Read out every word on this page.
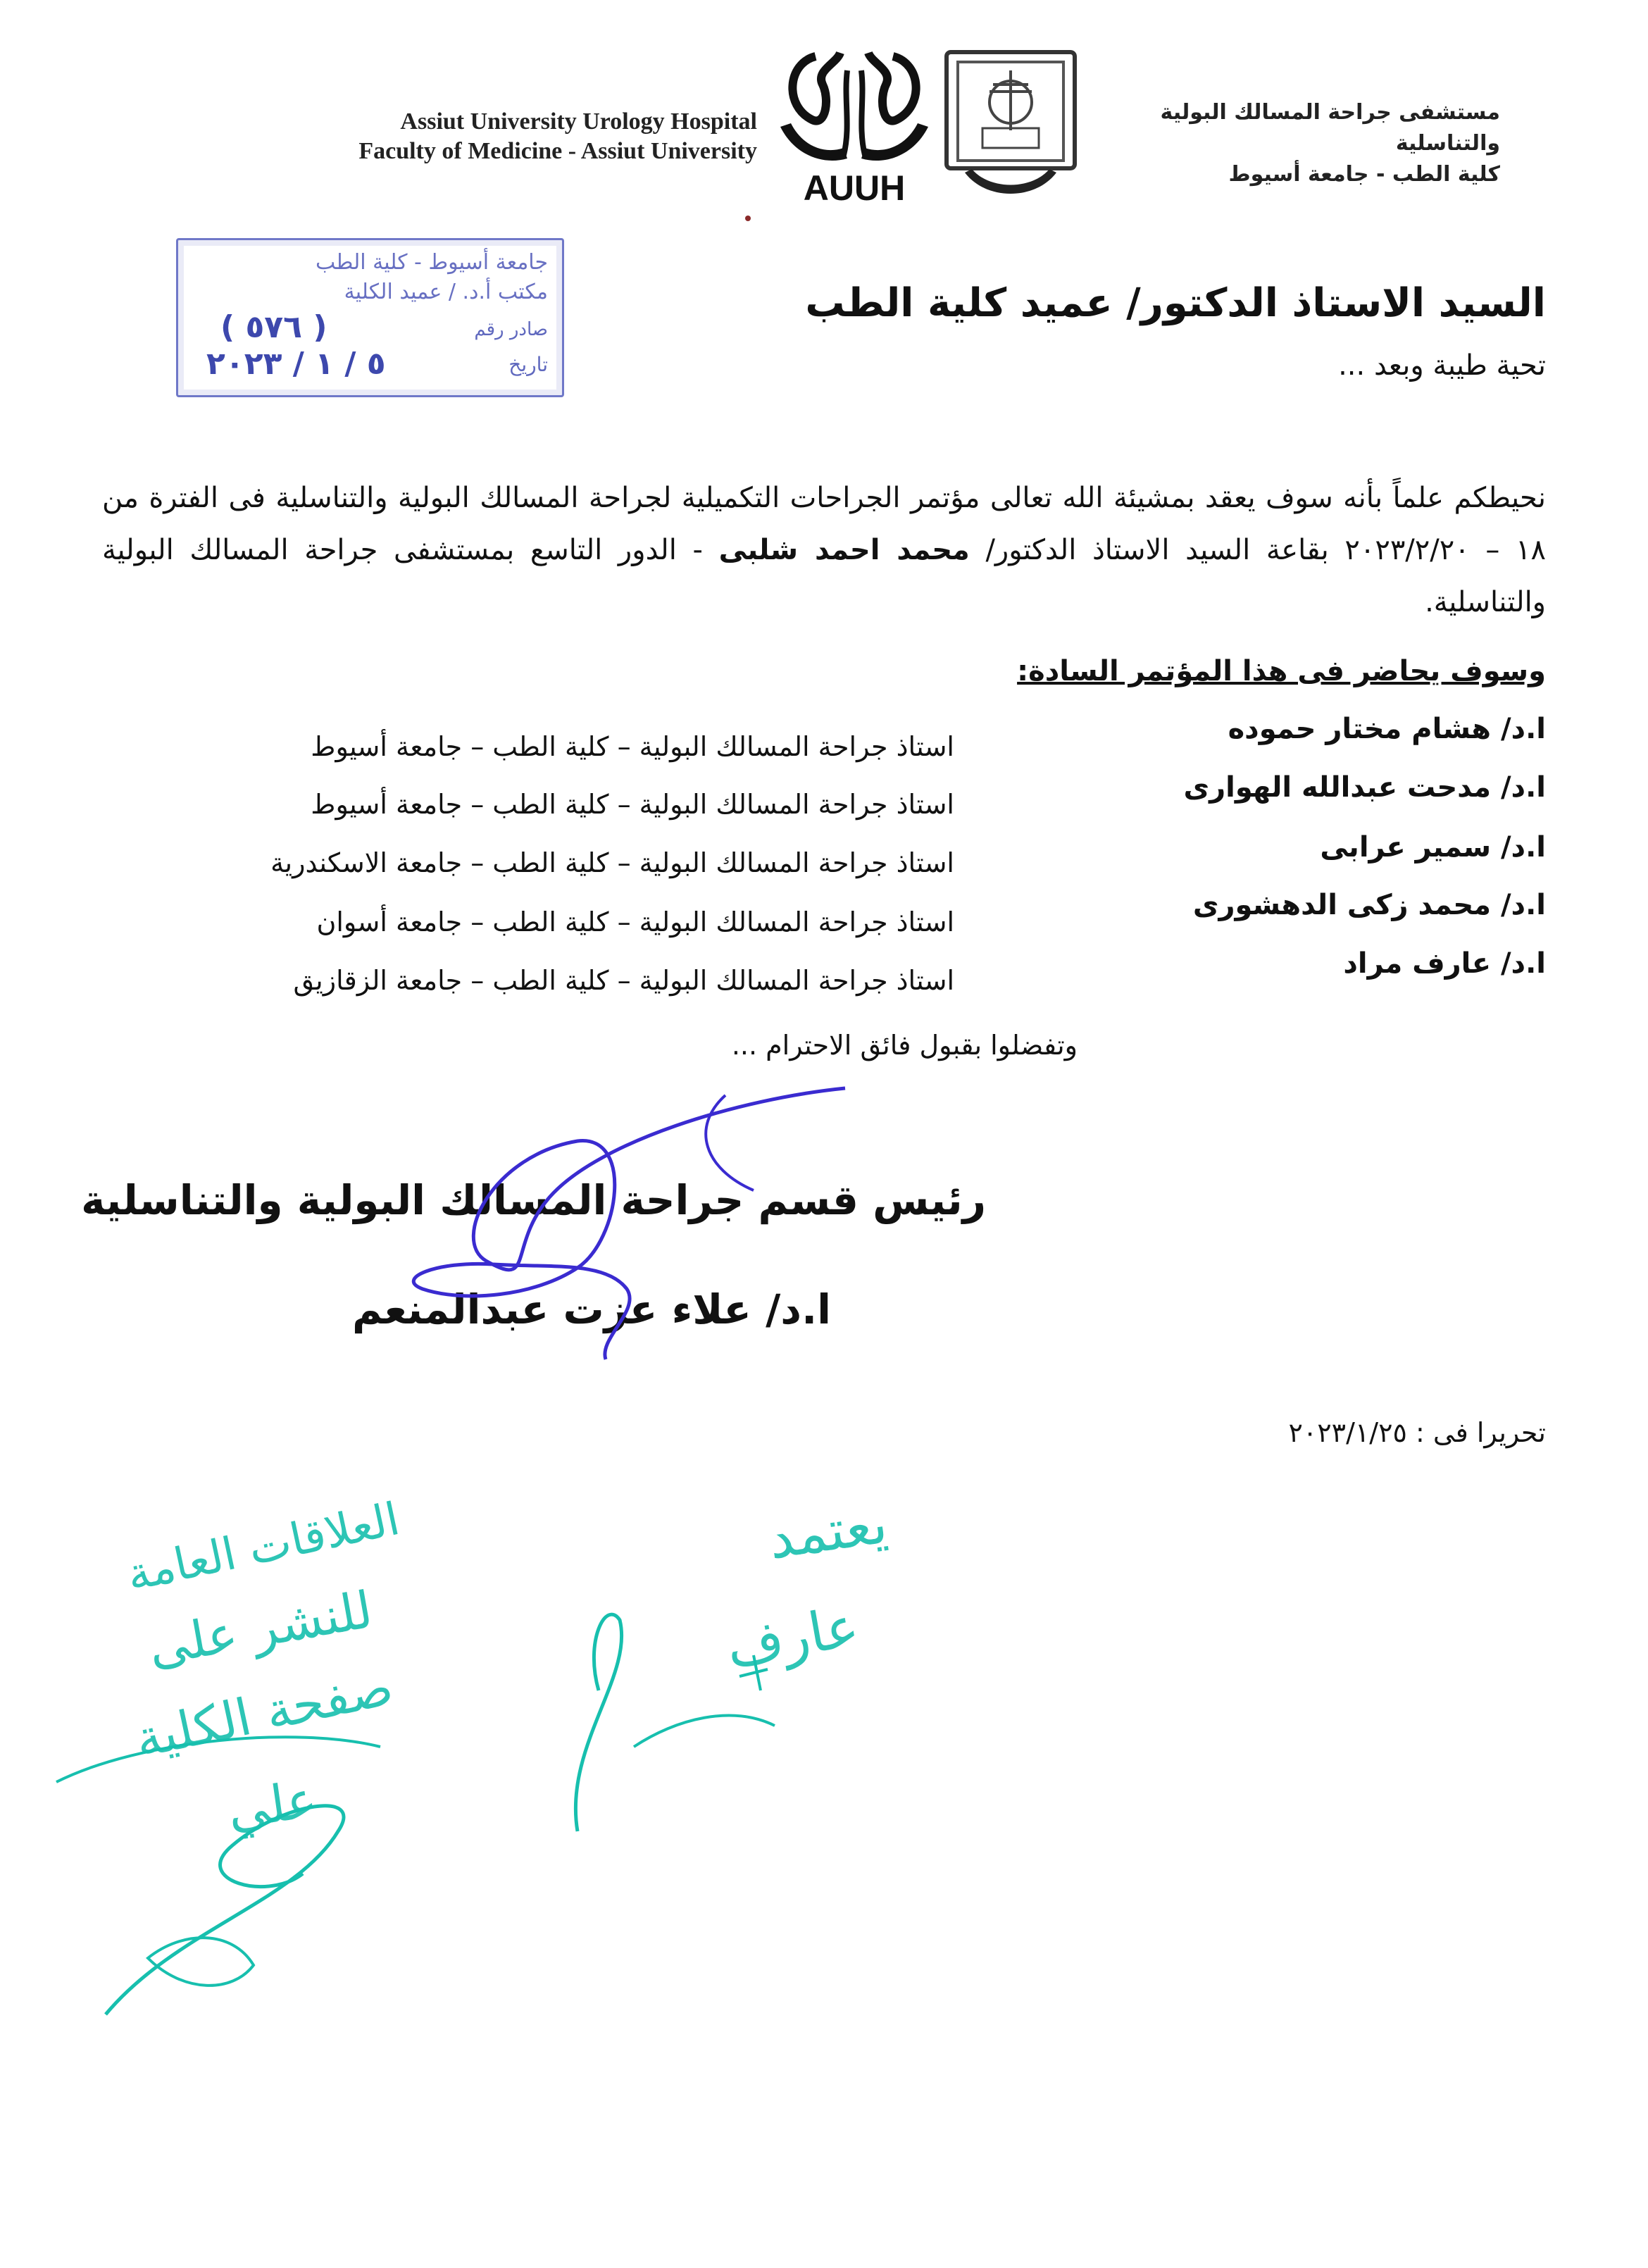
Assiut University Urology Hospital
Faculty of Medicine - Assiut University
AUUH
مستشفى جراحة المسالك البولية والتناسلية
كلية الطب - جامعة أسيوط
جامعة أسيوط - كلية الطب
مكتب أ.د. / عميد الكلية
صادر رقم
( ٥٧٦ )
تاريخ
٥ / ١ / ٢٠٢٣
السيد الاستاذ الدكتور/ عميد كلية الطب
تحية طيبة وبعد ...
نحيطكم علماً بأنه سوف يعقد بمشيئة الله تعالى مؤتمر الجراحات التكميلية لجراحة المسالك البولية والتناسلية فى الفترة من ١٨ – ٢٠٢٣/٢/٢٠ بقاعة السيد الاستاذ الدكتور/ محمد احمد شلبى - الدور التاسع بمستشفى جراحة المسالك البولية والتناسلية.
وسوف يحاضر فى هذا المؤتمر السادة:
ا.د/ هشام مختار حموده
استاذ جراحة المسالك البولية – كلية الطب – جامعة أسيوط
ا.د/ مدحت عبدالله الهوارى
استاذ جراحة المسالك البولية – كلية الطب – جامعة أسيوط
ا.د/ سمير عرابى
استاذ جراحة المسالك البولية – كلية الطب – جامعة الاسكندرية
ا.د/ محمد زكى الدهشورى
استاذ جراحة المسالك البولية – كلية الطب – جامعة أسوان
ا.د/ عارف مراد
استاذ جراحة المسالك البولية – كلية الطب – جامعة الزقازيق
وتفضلوا بقبول فائق الاحترام ...
رئيس قسم جراحة المسالك البولية والتناسلية
ا.د/ علاء عزت عبدالمنعم
تحريرا فى : ٢٠٢٣/١/٢٥
العلاقات العامة
للنشر على
صفحة الكلية
علي
يعتمد
عارف
